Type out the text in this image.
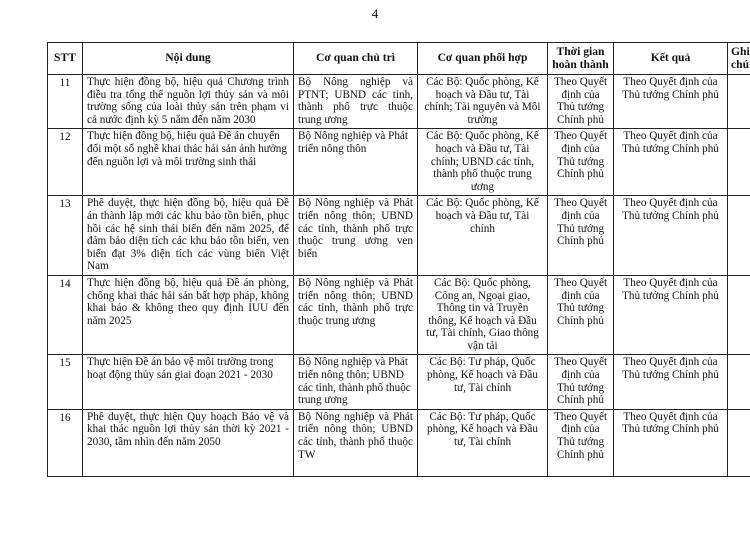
4
STT	Nội dung	Cơ quan chủ trì	Cơ quan phối hợp	Thời gian hoàn thành	Kết quả	Ghi chú
11	Thực hiện đồng bộ, hiệu quả Chương trình điều tra tổng thể nguồn lợi thủy sản và môi trường sống của loài thủy sản trên phạm vi cả nước định kỳ 5 năm đến năm 2030	Bộ Nông nghiệp và PTNT; UBND các tỉnh, thành phố trực thuộc trung ương	Các Bộ: Quốc phòng, Kế hoạch và Đầu tư, Tài chính; Tài nguyên và Môi trường	Theo Quyết định của Thủ tướng Chính phủ	Theo Quyết định của Thủ tướng Chính phủ	
12	Thực hiện đồng bộ, hiệu quả Đề án chuyển đổi một số nghề khai thác hải sản ảnh hưởng đến nguồn lợi và môi trường sinh thái	Bộ Nông nghiệp và Phát triển nông thôn	Các Bộ: Quốc phòng, Kế hoạch và Đầu tư, Tài chính; UBND các tỉnh, thành phố thuộc trung ương	Theo Quyết định của Thủ tướng Chính phủ	Theo Quyết định của Thủ tướng Chính phủ	
13	Phê duyệt, thực hiện đồng bộ, hiệu quả Đề án thành lập mới các khu bảo tồn biển, phục hồi các hệ sinh thái biển đến năm 2025, để đảm bảo diện tích các khu bảo tồn biển, ven biển đạt 3% diện tích các vùng biển Việt Nam	Bộ Nông nghiệp và Phát triển nông thôn; UBND các tỉnh, thành phố trực thuộc trung ương ven biển	Các Bộ: Quốc phòng, Kế hoạch và Đầu tư, Tài chính	Theo Quyết định của Thủ tướng Chính phủ	Theo Quyết định của Thủ tướng Chính phủ	
14	Thực hiện đồng bộ, hiệu quả Đề án phòng, chống khai thác hải sản bất hợp pháp, không khai báo & không theo quy định IUU đến năm 2025	Bộ Nông nghiệp và Phát triển nông thôn; UBND các tỉnh, thành phố trực thuộc trung ương	Các Bộ: Quốc phòng, Công an, Ngoại giao, Thông tin và Truyền thông, Kế hoạch và Đầu tư, Tài chính, Giao thông vận tải	Theo Quyết định của Thủ tướng Chính phủ	Theo Quyết định của Thủ tướng Chính phủ	
15	Thực hiện Đề án bảo vệ môi trường trong hoạt động thủy sản giai đoạn 2021 - 2030	Bộ Nông nghiệp và Phát triển nông thôn; UBND các tỉnh, thành phố thuộc trung ương	Các Bộ: Tư pháp, Quốc phòng, Kế hoạch và Đầu tư, Tài chính	Theo Quyết định của Thủ tướng Chính phủ	Theo Quyết định của Thủ tướng Chính phủ	
16	Phê duyệt, thực hiện Quy hoạch Bảo vệ và khai thác nguồn lợi thủy sản thời kỳ 2021 - 2030, tầm nhìn đến năm 2050	Bộ Nông nghiệp và Phát triển nông thôn; UBND các tỉnh, thành phố thuộc TW	Các Bộ: Tư pháp, Quốc phòng, Kế hoạch và Đầu tư, Tài chính	Theo Quyết định của Thủ tướng Chính phủ	Theo Quyết định của Thủ tướng Chính phủ	
